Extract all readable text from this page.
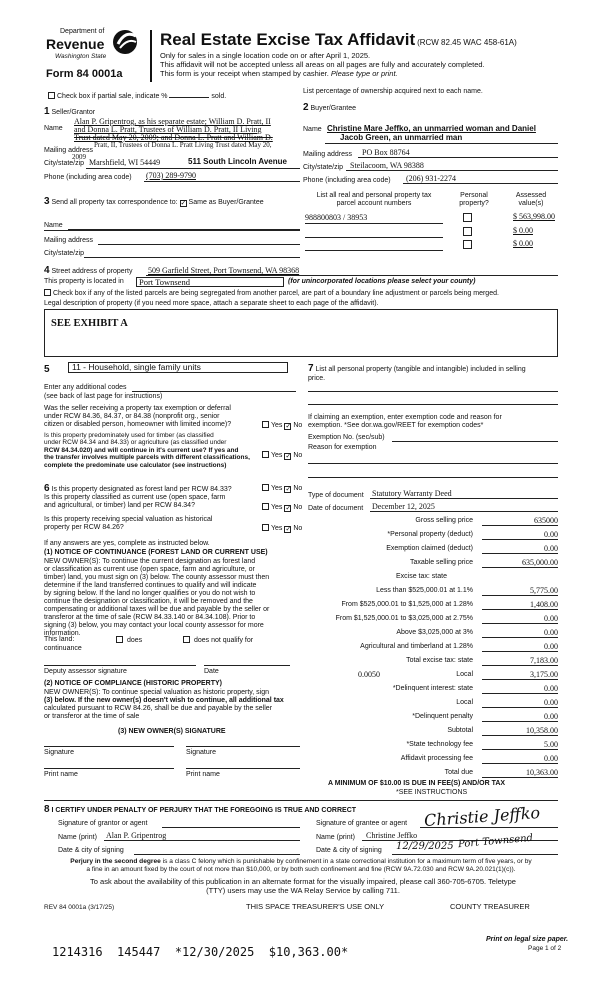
Department of
Revenue
Washington State
Form 84 0001a
Real Estate Excise Tax Affidavit (RCW 82.45 WAC 458-61A)
Only for sales in a single location code on or after April 1, 2025.
This affidavit will not be accepted unless all areas on all pages are fully and accurately completed.
This form is your receipt when stamped by cashier. Please type or print.
Check box if partial sale, indicate %	sold.
List percentage of ownership acquired next to each name.
1 Seller/Grantor
Name
Alan P. Gripentrog, as his separate estate; William D. Pratt, II
and Donna L. Pratt, Trustees of William D. Pratt, II Living
Trust dated May 20, 2009; and Donna L. Pratt and William D.
Mailing address
Pratt, II, Trustees of Donna L. Pratt Living Trust dated May 20,
2009
City/state/zip Marshfield, WI 54449	511 South Lincoln Avenue
Phone (including area code) (703) 289-9790
2 Buyer/Grantee
Name Christine Mare Jeffko, an unmarried woman and Daniel
Jacob Green, an unmarried man
Mailing address PO Box 88764
City/state/zip Steilacoom, WA 98388
Phone (including area code) (206) 931-2274
3 Send all property tax correspondence to: ✓ Same as Buyer/Grantee
Name
Mailing address
City/state/zip
List all real and personal property tax
parcel account numbers
Personal
property?
Assessed
value(s)
988800803 / 38953	$ 563,998.00
$ 0.00
$ 0.00
4 Street address of property 509 Garfield Street, Port Townsend, WA 98368
This property is located in Port Townsend	(for unincorporated locations please select your county)
Check box if any of the listed parcels are being segregated from another parcel, are part of a boundary line adjustment or parcels being merged.
Legal description of property (if you need more space, attach a separate sheet to each page of the affidavit).
SEE EXHIBIT A
5	11 - Household, single family units
Enter any additional codes
(see back of last page for instructions)
Was the seller receiving a property tax exemption or deferral
under RCW 84.36, 84.37, or 84.38 (nonprofit org., senior
citizen or disabled person, homeowner with limited income)?	Yes ✓ No
Is this property predominately used for timber (as classified
under RCW 84.34 and 84.33) or agriculture (as classified under
RCW 84.34.020) and will continue in it's current use? If yes and
the transfer involves multiple parcels with different classifications,
complete the predominate use calculator (see instructions)
Yes ✓ No
6 Is this property designated as forest land per RCW 84.33?	Yes ✓ No
Is this property classified as current use (open space, farm
and agricultural, or timber) land per RCW 84.34?	Yes ✓ No
Is this property receiving special valuation as historical
property per RCW 84.26?	Yes ✓ No
If any answers are yes, complete as instructed below.
(1) NOTICE OF CONTINUANCE (FOREST LAND OR CURRENT USE)
NEW OWNER(S): To continue the current designation as forest land
or classification as current use (open space, farm and agriculture, or
timber) land, you must sign on (3) below. The county assessor must then
determine if the land transferred continues to qualify and will indicate
by signing below. If the land no longer qualifies or you do not wish to
continue the designation or classification, it will be removed and the
compensating or additional taxes will be due and payable by the seller or
transferor at the time of sale (RCW 84.33.140 or 84.34.108). Prior to
signing (3) below, you may contact your local county assessor for more
information.
This land:
continuance
does	does not qualify for
Deputy assessor signature	Date
(2) NOTICE OF COMPLIANCE (HISTORIC PROPERTY)
NEW OWNER(S): To continue special valuation as historic property, sign
(3) below. If the new owner(s) doesn't wish to continue, all additional tax
calculated pursuant to RCW 84.26, shall be due and payable by the seller
or transferor at the time of sale
(3) NEW OWNER(S) SIGNATURE
Signature	Signature
Print name	Print name
7 List all personal property (tangible and intangible) included in selling
price.
If claiming an exemption, enter exemption code and reason for
exemption. *See dor.wa.gov/REET for exemption codes*
Exemption No. (sec/sub)
Reason for exemption
Type of document Statutory Warranty Deed
Date of document December 12, 2025
Gross selling price	635000
*Personal property (deduct)	0.00
Exemption claimed (deduct)	0.00
Taxable selling price	635,000.00
Excise tax: state
Less than $525,000.01 at 1.1%	5,775.00
From $525,000.01 to $1,525,000 at 1.28%	1,408.00
From $1,525,000.01 to $3,025,000 at 2.75%	0.00
Above $3,025,000 at 3%	0.00
Agricultural and timberland at 1.28%	0.00
Total excise tax: state	7,183.00
0.0050	Local	3,175.00
*Delinquent interest: state	0.00
Local	0.00
*Delinquent penalty	0.00
Subtotal	10,358.00
*State technology fee	5.00
Affidavit processing fee	0.00
Total due	10,363.00
A MINIMUM OF $10.00 IS DUE IN FEE(S) AND/OR TAX
*SEE INSTRUCTIONS
8 I CERTIFY UNDER PENALTY OF PERJURY THAT THE FOREGOING IS TRUE AND CORRECT
Signature of grantor or agent
Name (print) Alan P. Gripentrog
Date & city of signing
Signature of grantee or agent Christie Jeffko
Name (print) Christine Jeffko
Date & city of signing 12/29/2025 Port Townsend
Perjury in the second degree is a class C felony which is punishable by confinement in a state correctional institution for a maximum term of five years, or by
a fine in an amount fixed by the court of not more than $10,000, or by both such confinement and fine (RCW 9A.72.030 and RCW 9A.20.021(1)(c)).
To ask about the availability of this publication in an alternate format for the visually impaired, please call 360-705-6705. Teletype
(TTY) users may use the WA Relay Service by calling 711.
REV 84 0001a (3/17/25)	THIS SPACE TREASURER'S USE ONLY	COUNTY TREASURER
Print on legal size paper.
Page 1 of 2
1214316  145447  *12/30/2025  $10,363.00*
